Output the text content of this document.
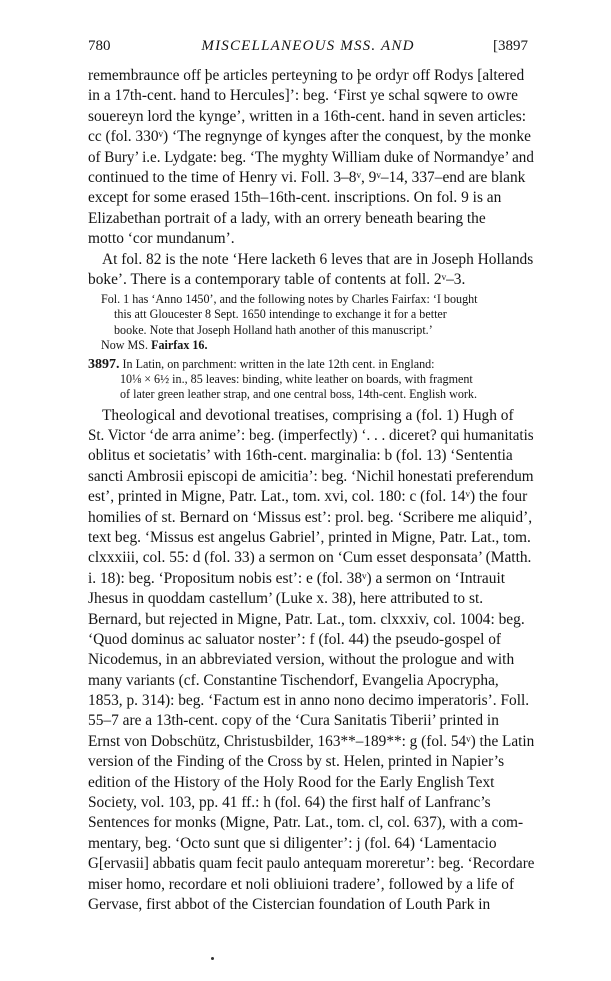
780	MISCELLANEOUS MSS. AND	[3897
remembraunce off þe articles perteyning to þe ordyr off Rodys [altered
in a 17th-cent. hand to Hercules]’: beg. ‘First ye schal sqwere to owre
souereyn lord the kynge’, written in a 16th-cent. hand in seven articles:
cc (fol. 330ᵛ) ‘The regnynge of kynges after the conquest, by the monke
of Bury’ i.e. Lydgate: beg. ‘The myghty William duke of Normandye’ and
continued to the time of Henry vi. Foll. 3–8ᵛ, 9ᵛ–14, 337–end are blank
except for some erased 15th–16th-cent. inscriptions. On fol. 9 is an
Elizabethan portrait of a lady, with an orrery beneath bearing the
motto ‘cor mundanum’.
At fol. 82 is the note ‘Here lacketh 6 leves that are in Joseph Hollands
boke’. There is a contemporary table of contents at foll. 2ᵛ–3.
Fol. 1 has ‘Anno 1450’, and the following notes by Charles Fairfax: ‘I bought
this att Gloucester 8 Sept. 1650 intendinge to exchange it for a better
booke. Note that Joseph Holland hath another of this manuscript.’
Now MS. Fairfax 16.
3897. In Latin, on parchment: written in the late 12th cent. in England:
10⅛ × 6½ in., 85 leaves: binding, white leather on boards, with fragment
of later green leather strap, and one central boss, 14th-cent. English work.
Theological and devotional treatises, comprising a (fol. 1) Hugh of
St. Victor ‘de arra anime’: beg. (imperfectly) ‘. . . diceret? qui humanitatis
oblitus et societatis’ with 16th-cent. marginalia: b (fol. 13) ‘Sententia
sancti Ambrosii episcopi de amicitia’: beg. ‘Nichil honestati preferendum
est’, printed in Migne, Patr. Lat., tom. xvi, col. 180: c (fol. 14ᵛ) the four
homilies of st. Bernard on ‘Missus est’: prol. beg. ‘Scribere me aliquid’,
text beg. ‘Missus est angelus Gabriel’, printed in Migne, Patr. Lat., tom.
clxxxiii, col. 55: d (fol. 33) a sermon on ‘Cum esset desponsata’ (Matth.
i. 18): beg. ‘Propositum nobis est’: e (fol. 38ᵛ) a sermon on ‘Intrauit
Jhesus in quoddam castellum’ (Luke x. 38), here attributed to st.
Bernard, but rejected in Migne, Patr. Lat., tom. clxxxiv, col. 1004: beg.
‘Quod dominus ac saluator noster’: f (fol. 44) the pseudo-gospel of
Nicodemus, in an abbreviated version, without the prologue and with
many variants (cf. Constantine Tischendorf, Evangelia Apocrypha,
1853, p. 314): beg. ‘Factum est in anno nono decimo imperatoris’. Foll.
55–7 are a 13th-cent. copy of the ‘Cura Sanitatis Tiberii’ printed in
Ernst von Dobschütz, Christusbilder, 163**–189**: g (fol. 54ᵛ) the Latin
version of the Finding of the Cross by st. Helen, printed in Napier’s
edition of the History of the Holy Rood for the Early English Text
Society, vol. 103, pp. 41 ff.: h (fol. 64) the first half of Lanfranc’s
Sentences for monks (Migne, Patr. Lat., tom. cl, col. 637), with a com-
mentary, beg. ‘Octo sunt que si diligenter’: j (fol. 64) ‘Lamentacio
G[ervasii] abbatis quam fecit paulo antequam moreretur’: beg. ‘Recordare
miser homo, recordare et noli obliuioni tradere’, followed by a life of
Gervase, first abbot of the Cistercian foundation of Louth Park in
